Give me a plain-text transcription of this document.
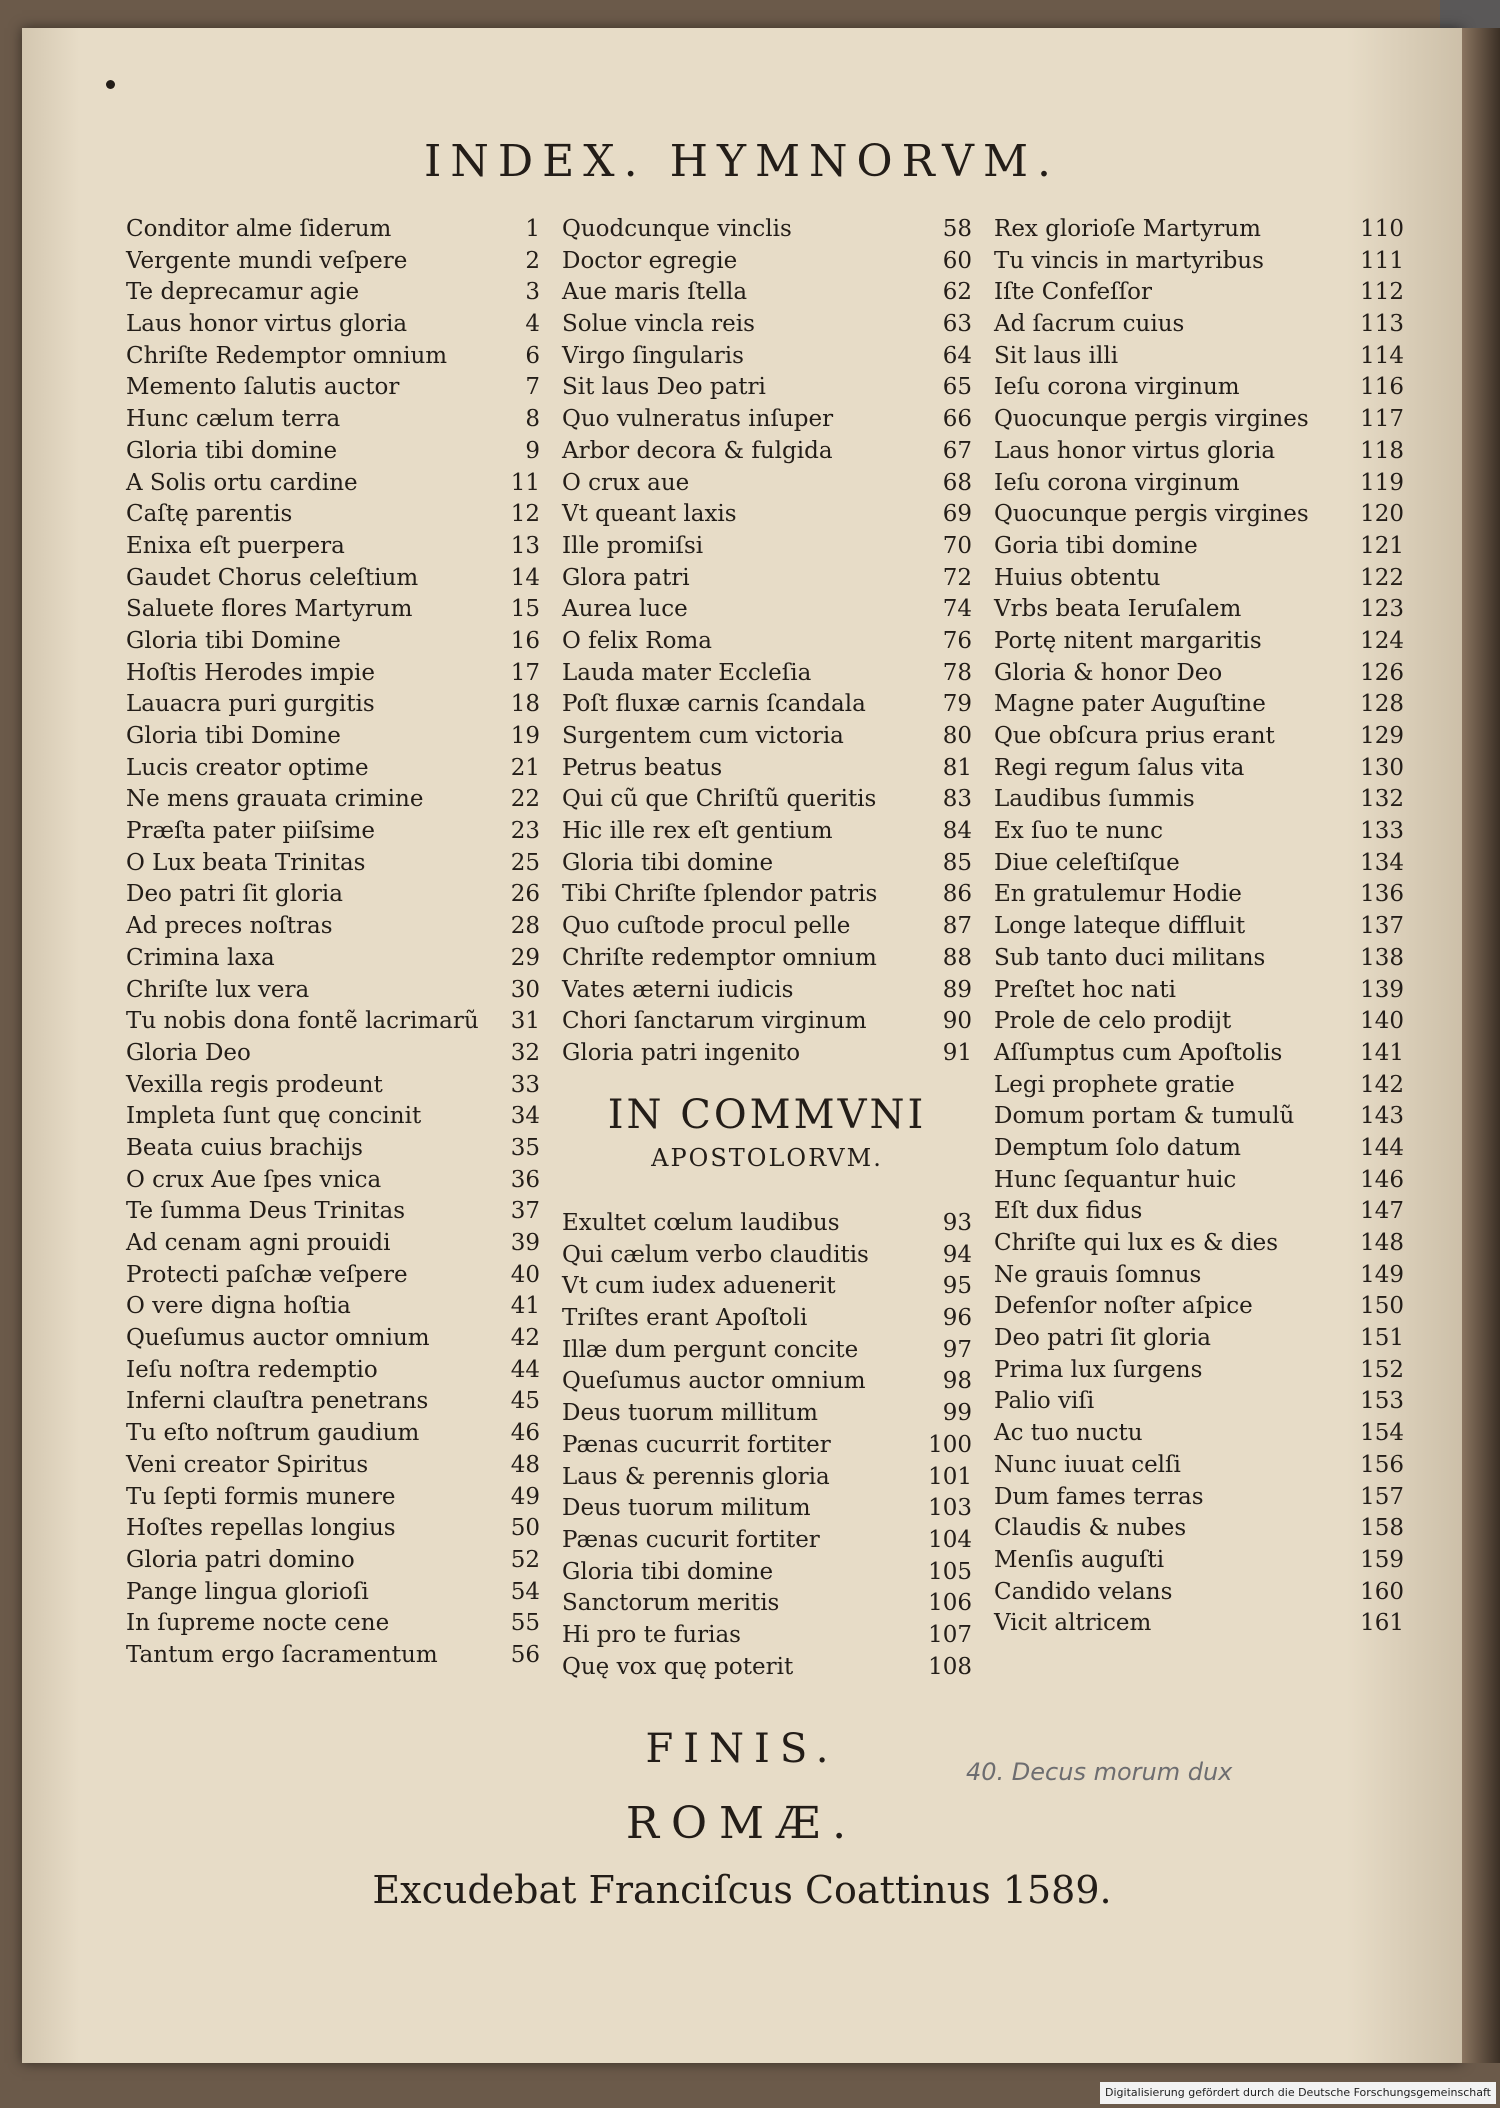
INDEX. HYMNORVM.
Conditor alme ſiderum	1
Vergente mundi veſpere	2
Te deprecamur agie	3
Laus honor virtus gloria	4
Chriſte Redemptor omnium	6
Memento ſalutis auctor	7
Hunc cælum terra	8
Gloria tibi domine	9
A Solis ortu cardine	11
Caſtę parentis	12
Enixa eſt puerpera	13
Gaudet Chorus celeſtium	14
Saluete flores Martyrum	15
Gloria tibi Domine	16
Hoſtis Herodes impie	17
Lauacra puri gurgitis	18
Gloria tibi Domine	19
Lucis creator optime	21
Ne mens grauata crimine	22
Præſta pater piiſsime	23
O Lux beata Trinitas	25
Deo patri ſit gloria	26
Ad preces noſtras	28
Crimina laxa	29
Chriſte lux vera	30
Tu nobis dona fontẽ lacrimarũ 31
Gloria Deo	32
Vexilla regis prodeunt	33
Impleta ſunt quę concinit	34
Beata cuius brachijs	35
O crux Aue ſpes vnica	36
Te ſumma Deus Trinitas	37
Ad cenam agni prouidi	39
Protecti paſchæ veſpere	40
O vere digna hoſtia	41
Queſumus auctor omnium	42
Ieſu noſtra redemptio	44
Inferni clauſtra penetrans	45
Tu eſto noſtrum gaudium	46
Veni creator Spiritus	48
Tu ſepti formis munere	49
Hoſtes repellas longius	50
Gloria patri domino	52
Pange lingua glorioſi	54
In ſupreme nocte cene	55
Tantum ergo ſacramentum	56
Quodcunque vinclis	58
Doctor egregie	60
Aue maris ſtella	62
Solue vincla reis	63
Virgo ſingularis	64
Sit laus Deo patri	65
Quo vulneratus inſuper	66
Arbor decora & fulgida	67
O crux aue	68
Vt queant laxis	69
Ille promiſsi	70
Glora patri	72
Aurea luce	74
O felix Roma	76
Lauda mater Eccleſia	78
Poſt fluxæ carnis ſcandala	79
Surgentem cum victoria	80
Petrus beatus	81
Qui cũ que Chriſtũ queritis	83
Hic ille rex eſt gentium	84
Gloria tibi domine	85
Tibi Chriſte ſplendor patris	86
Quo cuſtode procul pelle	87
Chriſte redemptor omnium	88
Vates æterni iudicis	89
Chori ſanctarum virginum	90
Gloria patri ingenito	91
IN COMMVNI
APOSTOLORVM.
Exultet cœlum laudibus	93
Qui cælum verbo clauditis	94
Vt cum iudex aduenerit	95
Triſtes erant Apoſtoli	96
Illæ dum pergunt concite	97
Queſumus auctor omnium	98
Deus tuorum millitum	99
Pænas cucurrit fortiter	100
Laus & perennis gloria	101
Deus tuorum militum	103
Pænas cucurit fortiter	104
Gloria tibi domine	105
Sanctorum meritis	106
Hi pro te furias	107
Quę vox quę poterit	108
Rex glorioſe Martyrum	110
Tu vincis in martyribus	111
Iſte Confeſſor	112
Ad ſacrum cuius	113
Sit laus illi	114
Ieſu corona virginum	116
Quocunque pergis virgines 117
Laus honor virtus gloria	118
Ieſu corona virginum	119
Quocunque pergis virgines 120
Goria tibi domine	121
Huius obtentu	122
Vrbs beata Ieruſalem	123
Portę nitent margaritis	124
Gloria & honor Deo	126
Magne pater Auguſtine	128
Que obſcura prius erant	129
Regi regum ſalus vita	130
Laudibus ſummis	132
Ex ſuo te nunc	133
Diue celeſtiſque	134
En gratulemur Hodie	136
Longe lateque diffluit	137
Sub tanto duci militans	138
Preſtet hoc nati	139
Prole de celo prodijt	140
Aſſumptus cum Apoſtolis	141
Legi prophete gratie	142
Domum portam & tumulũ	143
Demptum ſolo datum	144
Hunc ſequantur huic	146
Eſt dux fidus	147
Chriſte qui lux es & dies	148
Ne grauis ſomnus	149
Defenſor noſter aſpice	150
Deo patri ſit gloria	151
Prima lux ſurgens	152
Palio viſi	153
Ac tuo nuctu	154
Nunc iuuat celſi	156
Dum fames terras	157
Claudis & nubes	158
Menſis auguſti	159
Candido velans	160
Vicit altricem	161
FINIS.	40. Decus morum dux
ROMÆ.
Excudebat Franciſcus Coattinus 1589.
Digitalisierung gefördert durch die Deutsche Forschungsgemeinschaft
